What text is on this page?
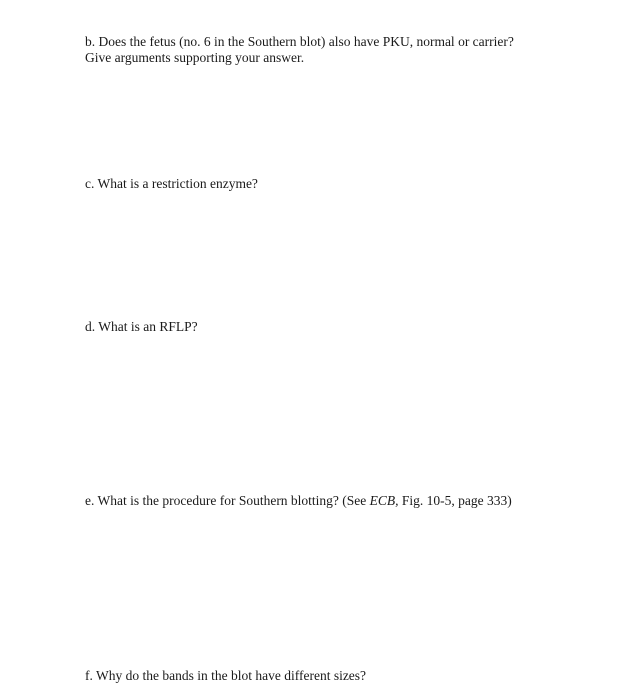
b. Does the fetus (no. 6 in the Southern blot) also have PKU, normal or carrier?
Give arguments supporting your answer.

c. What is a restriction enzyme?

d. What is an RFLP?

e. What is the procedure for Southern blotting? (See ECB, Fig. 10-5, page 333)

f. Why do the bands in the blot have different sizes?
